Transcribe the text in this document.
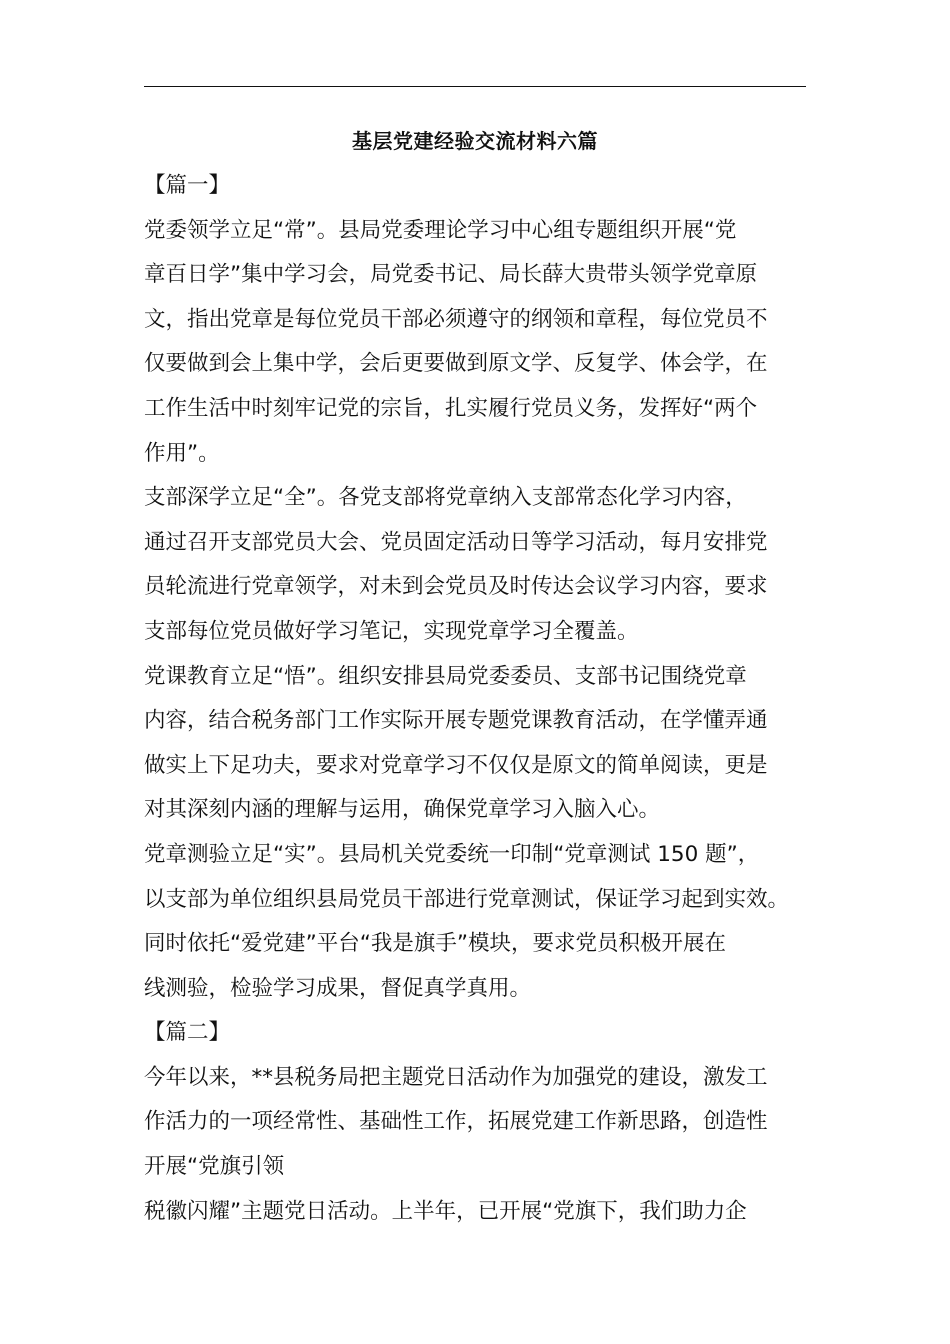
基层党建经验交流材料六篇
【篇一】
党委领学立足“常”。县局党委理论学习中心组专题组织开展“党
章百日学”集中学习会，局党委书记、局长薛大贵带头领学党章原
文，指出党章是每位党员干部必须遵守的纲领和章程，每位党员不
仅要做到会上集中学，会后更要做到原文学、反复学、体会学，在
工作生活中时刻牢记党的宗旨，扎实履行党员义务，发挥好“两个
作用”。
支部深学立足“全”。各党支部将党章纳入支部常态化学习内容，
通过召开支部党员大会、党员固定活动日等学习活动，每月安排党
员轮流进行党章领学，对未到会党员及时传达会议学习内容，要求
支部每位党员做好学习笔记，实现党章学习全覆盖。
党课教育立足“悟”。组织安排县局党委委员、支部书记围绕党章
内容，结合税务部门工作实际开展专题党课教育活动，在学懂弄通
做实上下足功夫，要求对党章学习不仅仅是原文的简单阅读，更是
对其深刻内涵的理解与运用，确保党章学习入脑入心。
党章测验立足“实”。县局机关党委统一印制“党章测试 150 题”，
以支部为单位组织县局党员干部进行党章测试，保证学习起到实效。
同时依托“爱党建”平台“我是旗手”模块，要求党员积极开展在
线测验，检验学习成果，督促真学真用。
【篇二】
今年以来，**县税务局把主题党日活动作为加强党的建设，激发工
作活力的一项经常性、基础性工作，拓展党建工作新思路，创造性
开展“党旗引领
税徽闪耀”主题党日活动。上半年，已开展“党旗下，我们助力企
